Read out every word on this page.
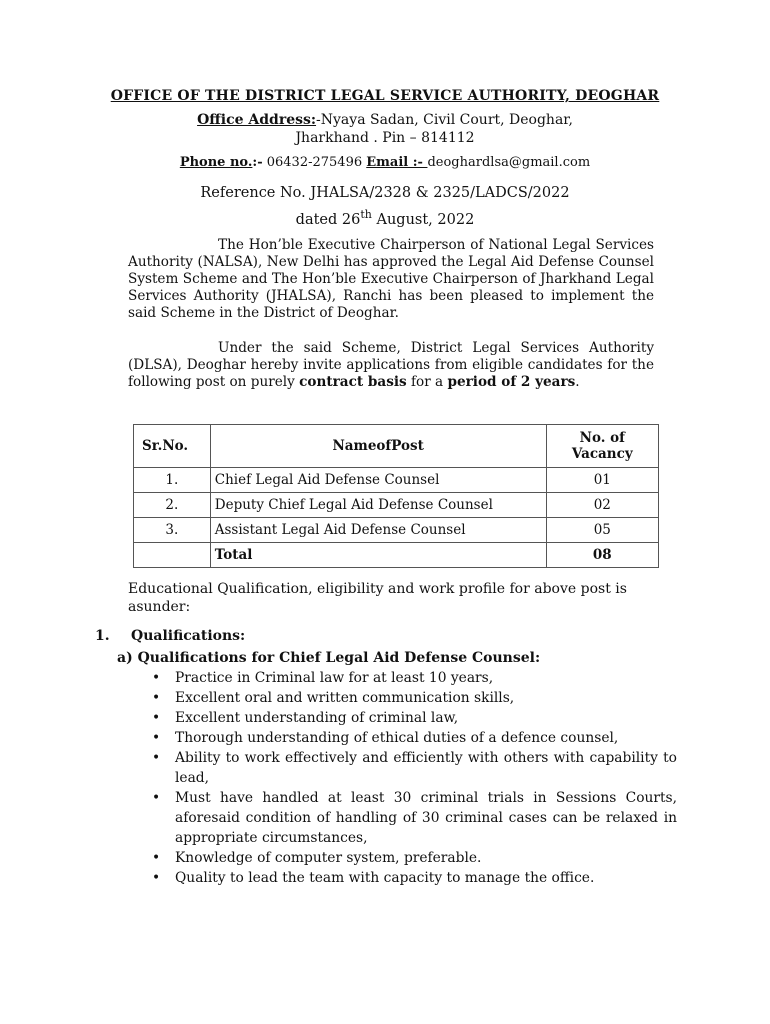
OFFICE OF THE DISTRICT LEGAL SERVICE AUTHORITY, DEOGHAR
Office Address:-Nyaya Sadan, Civil Court, Deoghar,
Jharkhand . Pin – 814112
Phone no.:- 06432-275496 Email :- deoghardlsa@gmail.com
Reference No. JHALSA/2328 & 2325/LADCS/2022
dated 26th August, 2022
The Hon’ble Executive Chairperson of National Legal Services Authority (NALSA), New Delhi has approved the Legal Aid Defense Counsel System Scheme and The Hon’ble Executive Chairperson of Jharkhand Legal Services Authority (JHALSA), Ranchi has been pleased to implement the said Scheme in the District of Deoghar.
Under the said Scheme, District Legal Services Authority (DLSA), Deoghar hereby invite applications from eligible candidates for the following post on purely contract basis for a period of 2 years.
Sr.No.	NameofPost	No. of Vacancy
1.	Chief Legal Aid Defense Counsel	01
2.	Deputy Chief Legal Aid Defense Counsel	02
3.	Assistant Legal Aid Defense Counsel	05
	Total	08
Educational Qualification, eligibility and work profile for above post is asunder:
1. Qualifications:
a) Qualifications for Chief Legal Aid Defense Counsel:
• Practice in Criminal law for at least 10 years,
• Excellent oral and written communication skills,
• Excellent understanding of criminal law,
• Thorough understanding of ethical duties of a defence counsel,
• Ability to work effectively and efficiently with others with capability to lead,
• Must have handled at least 30 criminal trials in Sessions Courts, aforesaid condition of handling of 30 criminal cases can be relaxed in appropriate circumstances,
• Knowledge of computer system, preferable.
• Quality to lead the team with capacity to manage the office.
